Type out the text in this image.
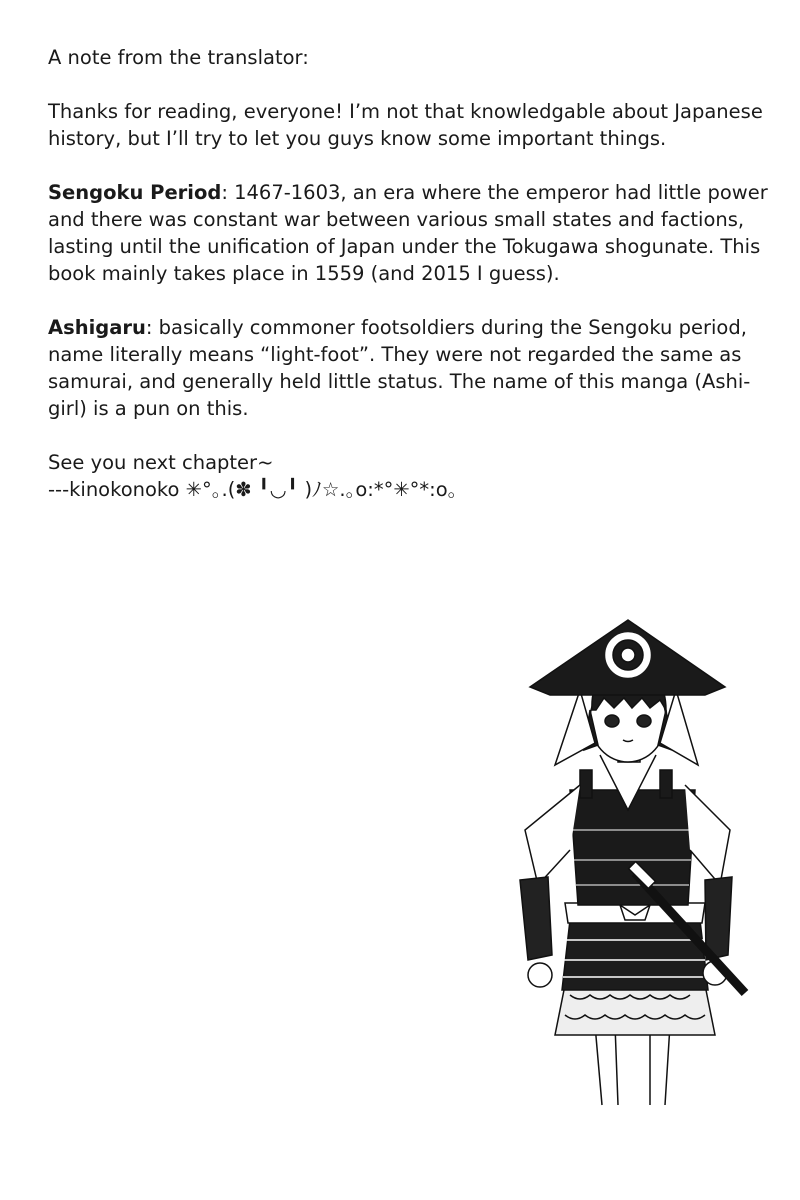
A note from the translator:

Thanks for reading, everyone! I’m not that knowledgable about Japanese history, but I’ll try to let you guys know some important things.

Sengoku Period: 1467-1603, an era where the emperor had little power and there was constant war between various small states and factions, lasting until the unification of Japan under the Tokugawa shogunate. This book mainly takes place in 1559 (and 2015 I guess).

Ashigaru: basically commoner footsoldiers during the Sengoku period, name literally means “light-foot”. They were not regarded the same as samurai, and generally held little status. The name of this manga (Ashi-girl) is a pun on this.

See you next chapter~
---kinokonoko ✳°｡.(✽ ╹◡╹ )ﾉ☆.｡o:*°✳°*:o｡
